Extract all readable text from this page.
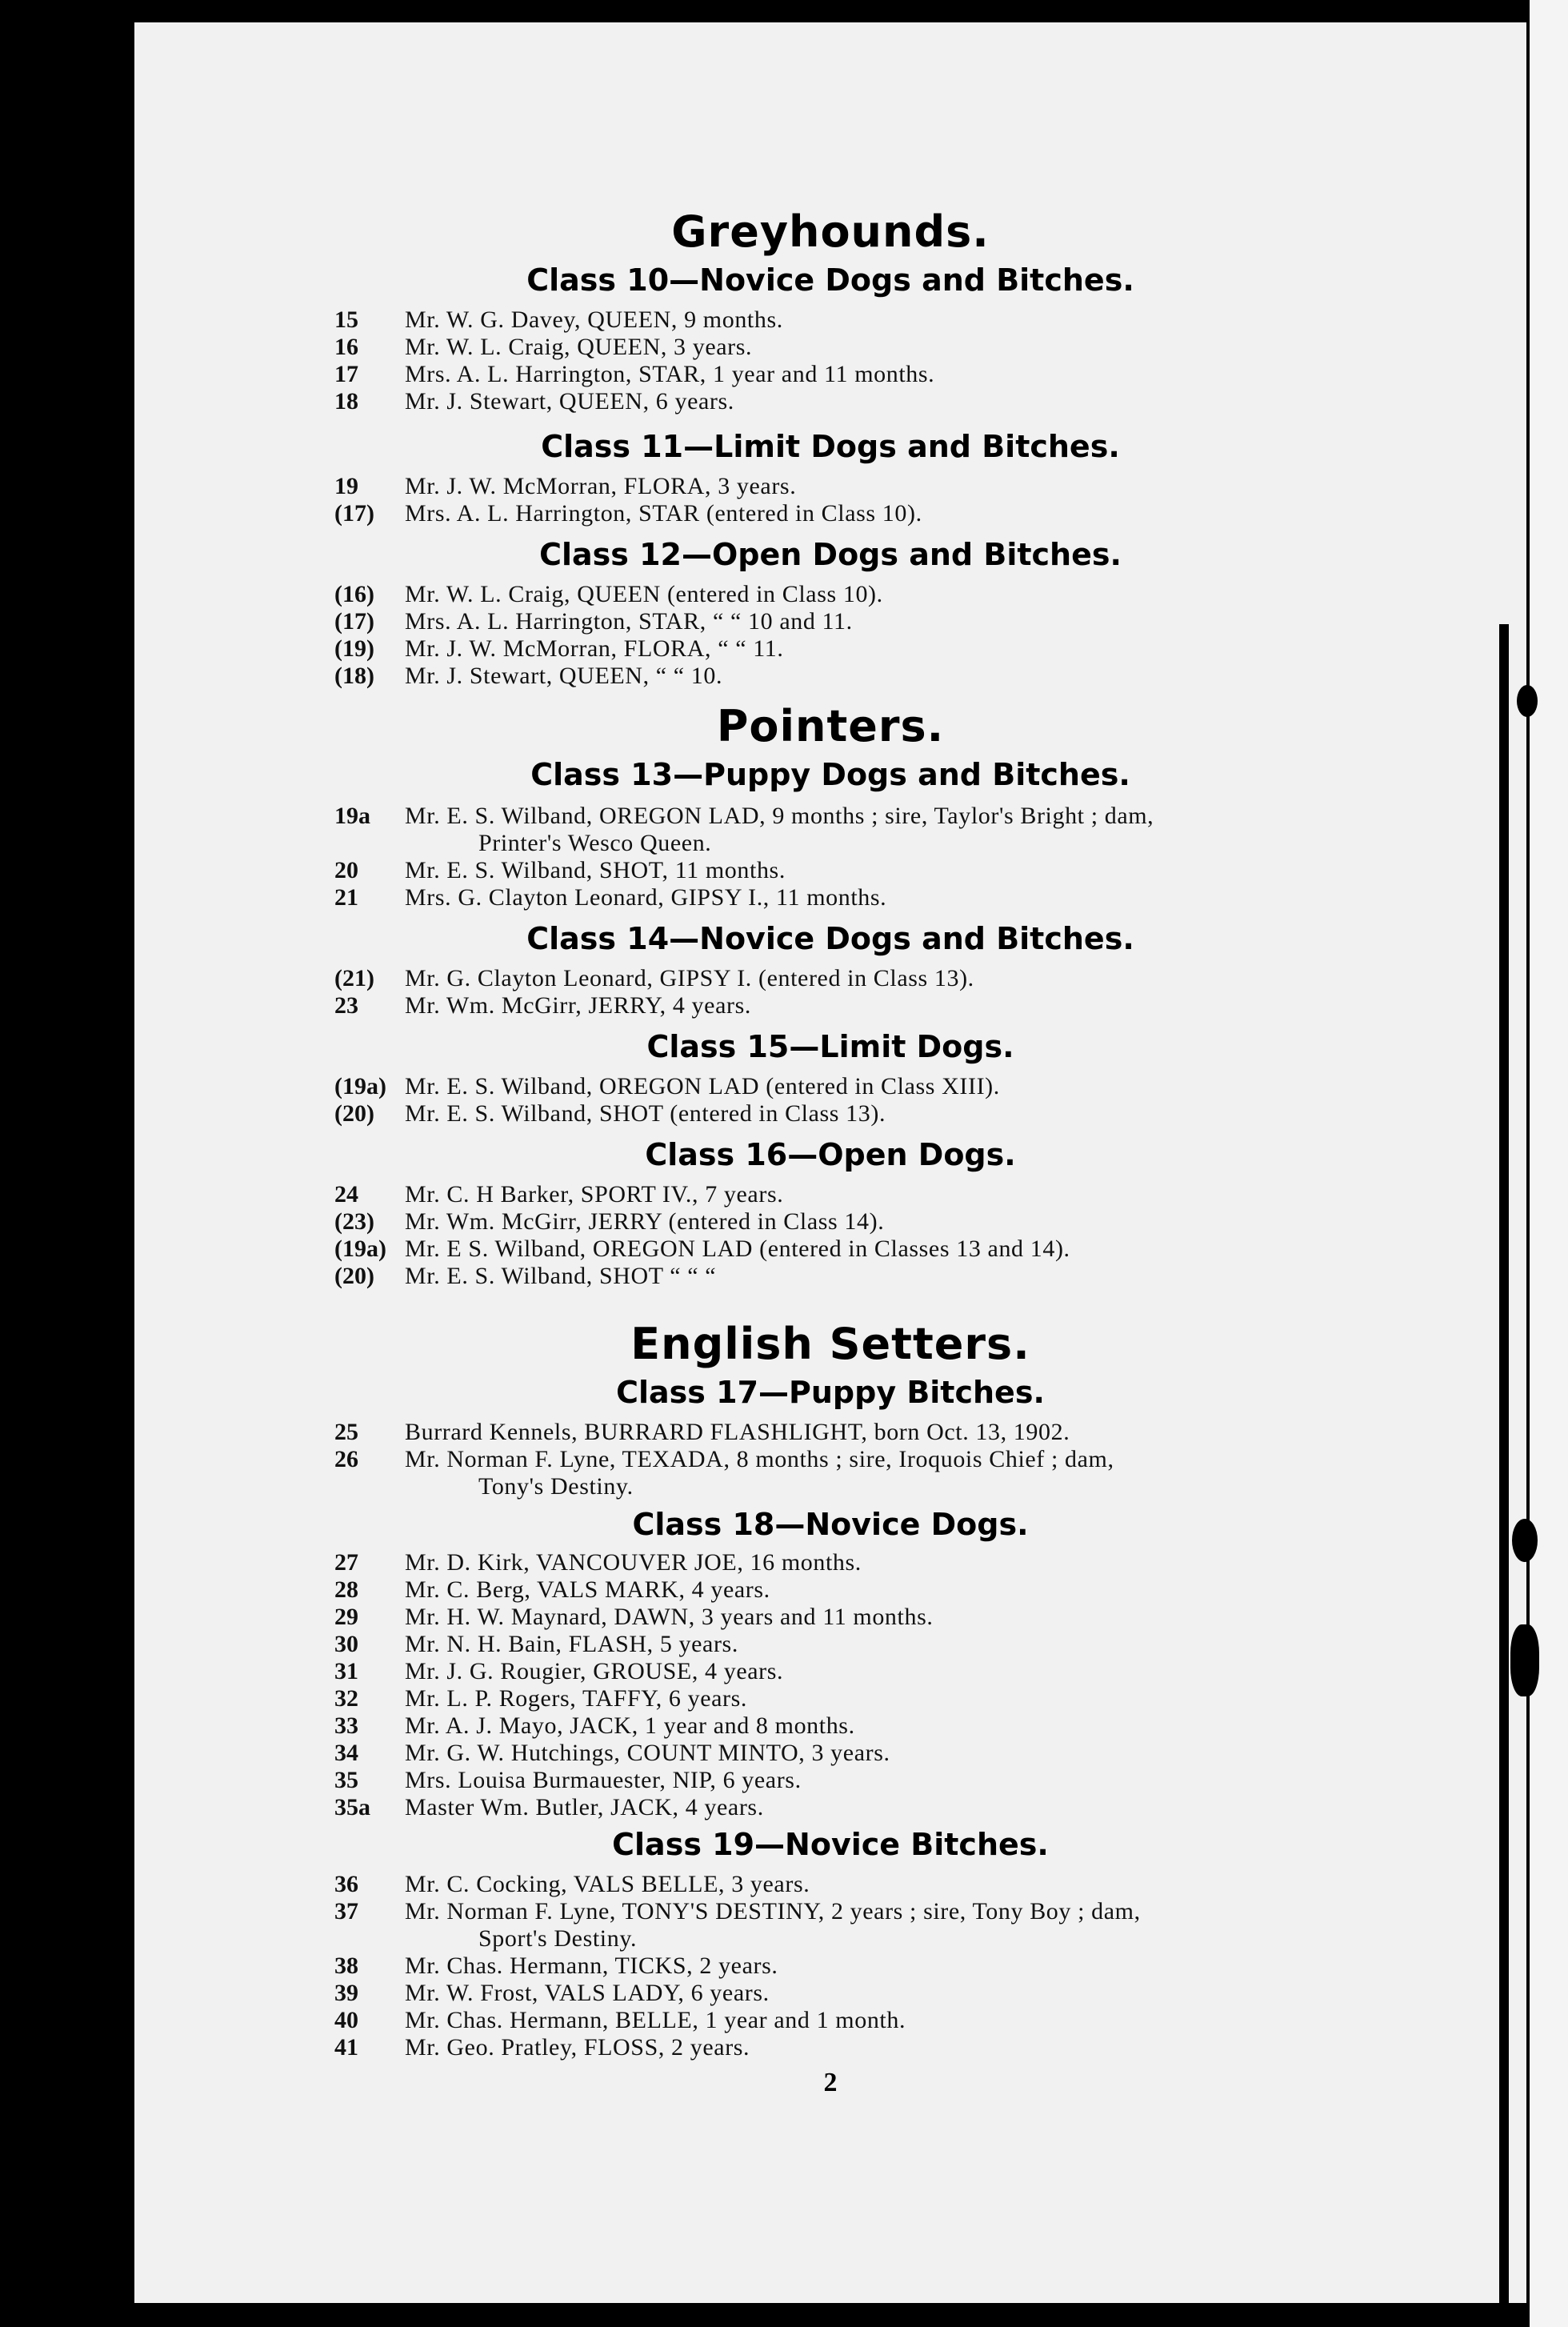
Greyhounds.
Class 10—Novice Dogs and Bitches.
15	Mr. W. G. Davey, QUEEN, 9 months.
16	Mr. W. L. Craig, QUEEN, 3 years.
17	Mrs. A. L. Harrington, STAR, 1 year and 11 months.
18	Mr. J. Stewart, QUEEN, 6 years.
Class 11—Limit Dogs and Bitches.
19	Mr. J. W. McMorran, FLORA, 3 years.
(17)	Mrs. A. L. Harrington, STAR (entered in Class 10).
Class 12—Open Dogs and Bitches.
(16)	Mr. W. L. Craig, QUEEN (entered in Class 10).
(17)	Mrs. A. L. Harrington, STAR, “ “ 10 and 11.
(19)	Mr. J. W. McMorran, FLORA, “ “ 11.
(18)	Mr. J. Stewart, QUEEN, “ “ 10.
Pointers.
Class 13—Puppy Dogs and Bitches.
19a	Mr. E. S. Wilband, OREGON LAD, 9 months ; sire, Taylor's Bright ; dam,
Printer's Wesco Queen.
20	Mr. E. S. Wilband, SHOT, 11 months.
21	Mrs. G. Clayton Leonard, GIPSY I., 11 months.
Class 14—Novice Dogs and Bitches.
(21)	Mr. G. Clayton Leonard, GIPSY I. (entered in Class 13).
23	Mr. Wm. McGirr, JERRY, 4 years.
Class 15—Limit Dogs.
(19a) Mr. E. S. Wilband, OREGON LAD (entered in Class XIII).
(20)	Mr. E. S. Wilband, SHOT (entered in Class 13).
Class 16—Open Dogs.
24	Mr. C. H Barker, SPORT IV., 7 years.
(23)	Mr. Wm. McGirr, JERRY (entered in Class 14).
(19a) Mr. E S. Wilband, OREGON LAD (entered in Classes 13 and 14).
(20)	Mr. E. S. Wilband, SHOT “ “ “
English Setters.
Class 17—Puppy Bitches.
25	Burrard Kennels, BURRARD FLASHLIGHT, born Oct. 13, 1902.
26	Mr. Norman F. Lyne, TEXADA, 8 months ; sire, Iroquois Chief ; dam,
Tony's Destiny.
Class 18—Novice Dogs.
27	Mr. D. Kirk, VANCOUVER JOE, 16 months.
28	Mr. C. Berg, VALS MARK, 4 years.
29	Mr. H. W. Maynard, DAWN, 3 years and 11 months.
30	Mr. N. H. Bain, FLASH, 5 years.
31	Mr. J. G. Rougier, GROUSE, 4 years.
32	Mr. L. P. Rogers, TAFFY, 6 years.
33	Mr. A. J. Mayo, JACK, 1 year and 8 months.
34	Mr. G. W. Hutchings, COUNT MINTO, 3 years.
35	Mrs. Louisa Burmauester, NIP, 6 years.
35a	Master Wm. Butler, JACK, 4 years.
Class 19—Novice Bitches.
36	Mr. C. Cocking, VALS BELLE, 3 years.
37	Mr. Norman F. Lyne, TONY'S DESTINY, 2 years ; sire, Tony Boy ; dam,
Sport's Destiny.
38	Mr. Chas. Hermann, TICKS, 2 years.
39	Mr. W. Frost, VALS LADY, 6 years.
40	Mr. Chas. Hermann, BELLE, 1 year and 1 month.
41	Mr. Geo. Pratley, FLOSS, 2 years.
2
